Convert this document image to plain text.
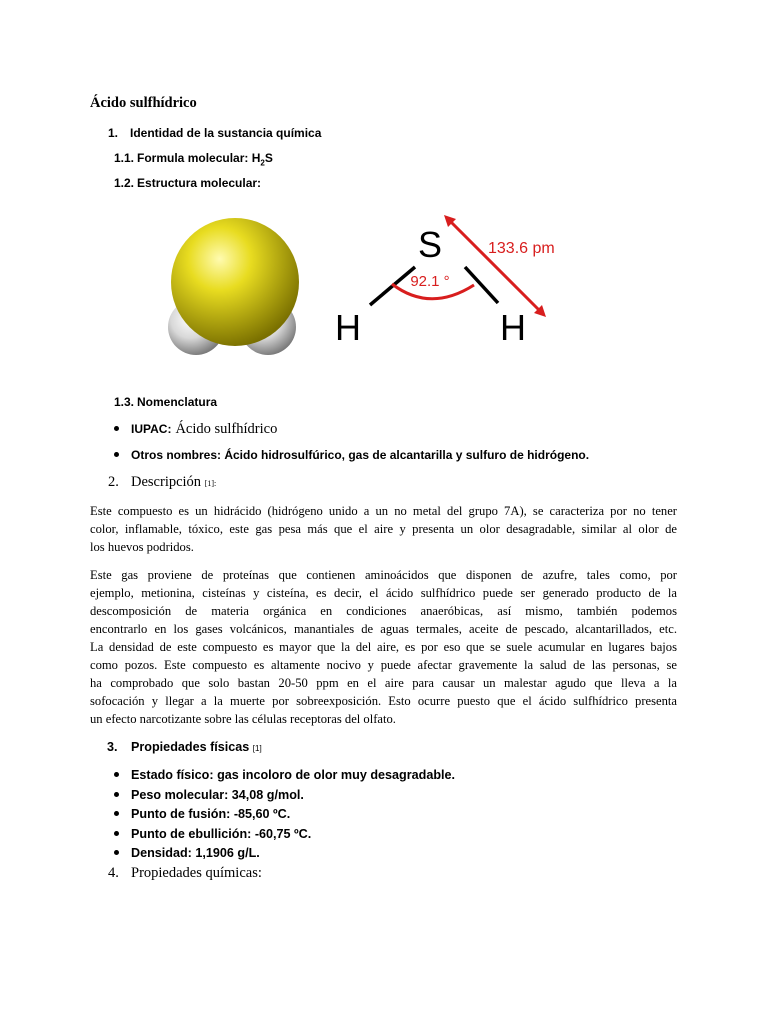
Ácido sulfhídrico
1. Identidad de la sustancia química
1.1. Formula molecular: $H_2S$
1.2. Estructura molecular:
S
H	H
92.1 °
133.6 pm
1.3. Nomenclatura
IUPAC: Ácido sulfhídrico
Otros nombres: Ácido hidrosulfúrico, gas de alcantarilla y sulfuro de hidrógeno.
2. Descripción [1]:
Este compuesto es un hidrácido (hidrógeno unido a un no metal del grupo 7A), se caracteriza por no tener
color, inflamable, tóxico, este gas pesa más que el aire y presenta un olor desagradable, similar al olor de
los huevos podridos.
Este gas proviene de proteínas que contienen aminoácidos que disponen de azufre, tales como, por
ejemplo, metionina, cisteínas y cisteína, es decir, el ácido sulfhídrico puede ser generado producto de la
descomposición de materia orgánica en condiciones anaeróbicas, así mismo, también podemos
encontrarlo en los gases volcánicos, manantiales de aguas termales, aceite de pescado, alcantarillados, etc.
La densidad de este compuesto es mayor que la del aire, es por eso que se suele acumular en lugares bajos
como pozos. Este compuesto es altamente nocivo y puede afectar gravemente la salud de las personas, se
ha comprobado que solo bastan 20-50 ppm en el aire para causar un malestar agudo que lleva a la
sofocación y llegar a la muerte por sobreexposición. Esto ocurre puesto que el ácido sulfhídrico presenta
un efecto narcotizante sobre las células receptoras del olfato.
3. Propiedades físicas [1]
Estado físico: gas incoloro de olor muy desagradable.
Peso molecular: 34,08 g/mol.
Punto de fusión: -85,60 ºC.
Punto de ebullición: -60,75 ºC.
Densidad: 1,1906 g/L.
4. Propiedades químicas:
